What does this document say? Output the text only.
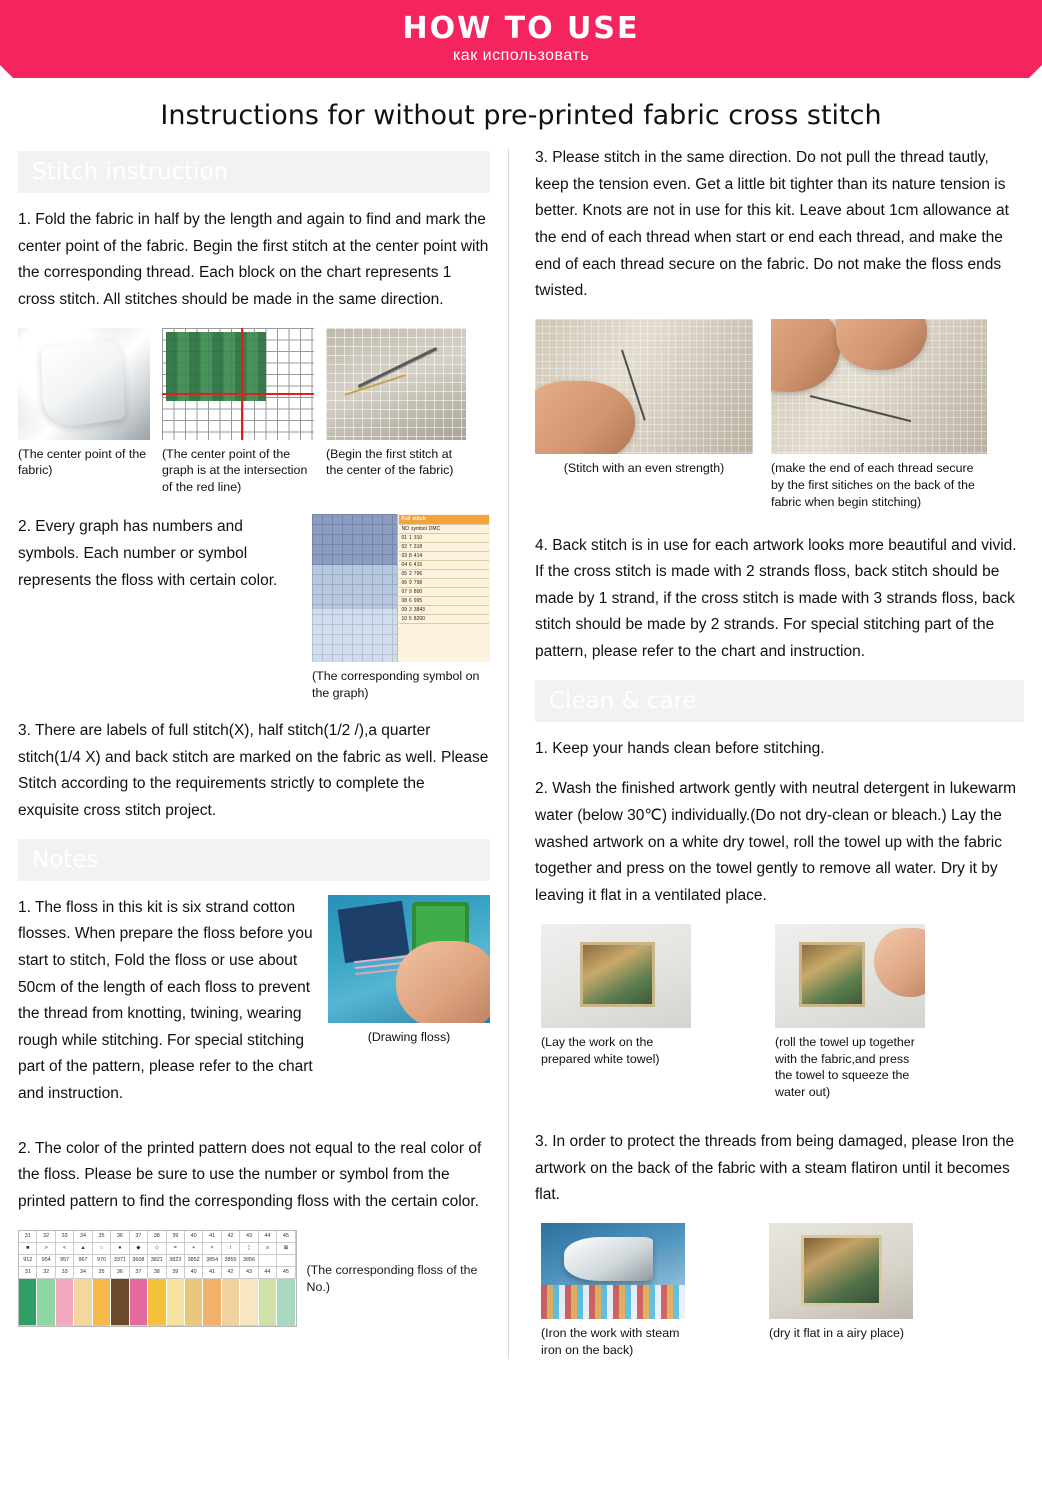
HOW TO USE
как использовать
Instructions for without pre-printed fabric cross stitch
Stitch instruction

1. Fold the fabric in half by the length and again to find and mark the center point of the fabric. Begin the first stitch at the center point with the corresponding thread. Each block on the chart represents 1 cross stitch. All stitches should be made in the same direction.

(The center point of the fabric)
(The center point of the graph is at the intersection of the red line)
(Begin the first stitch at the center of the fabric)

2. Every graph has numbers and symbols. Each number or symbol represents the floss with certain color.

Full stitch
NO symbol DMC
01 1 310
02 7 318
03 8 414
04 6 415
05 2 796
06 9 798
07 9 800
08 6 995
09 3 3843
10 5 8200
(The corresponding symbol on the graph)

3. There are labels of full stitch(X), half stitch(1/2 /),a quarter stitch(1/4 X) and back stitch are marked on the fabric as well. Please Stitch according to the requirements strictly to complete the exquisite cross stitch project.

Notes

1. The floss in this kit is six strand cotton flosses. When prepare the floss before you start to stitch, Fold the floss or use about 50cm of the length of each floss to prevent the thread from knotting, twining, wearing rough while stitching. For special stitching part of the pattern, please refer to the chart and instruction.

(Drawing floss)

2. The color of the printed pattern does not equal to the real color of the floss. Please be sure to use the number or symbol from the printed pattern to find the corresponding floss with the certain color.

31	32	33	34	35	36	37	38	39	40	41	42	43	44	45
■	>	<	▲	○	●	◆	◇	=	+	×	/	¦	≡	⊠
912	954	957	967	970	3371	3608	3821	3823	3852	3854	3855	3856
31	32	33	34	35	36	37	38	39	40	41	42	43	44	45	(The corresponding floss of the No.)

3. Please stitch in the same direction. Do not pull the thread tautly, keep the tension even. Get a little bit tighter than its nature tension is better. Knots are not in use for this kit. Leave about 1cm allowance at the end of each thread when start or end each thread, and make the end of each thread secure on the fabric. Do not make the floss ends twisted.

(Stitch with an even strength)	(make the end of each thread secure by the first sitiches on the back of the fabric when begin stitching)

4. Back stitch is in use for each artwork looks more beautiful and vivid. If the cross stitch is made with 2 strands floss, back stitch should be made by 1 strand, if the cross stitch is made with 3 strands floss, back stitch should be made by 2 strands. For special stitching part of the pattern, please refer to the chart and instruction.

Clean & care

1. Keep your hands clean before stitching.

2. Wash the finished artwork gently with neutral detergent in lukewarm water (below 30℃) individually.(Do not dry-clean or bleach.) Lay the washed artwork on a white dry towel, roll the towel up with the fabric together and press on the towel gently to remove all water. Dry it by leaving it flat in a ventilated place.

(Lay the work on the prepared white towel)
(roll the towel up together with the fabric,and press the towel to squeeze the water out)

3. In order to protect the threads from being damaged, please Iron the artwork on the back of the fabric with a steam flatiron until it becomes flat.

(Iron the work with steam iron on the back)
(dry it flat in a airy place)
